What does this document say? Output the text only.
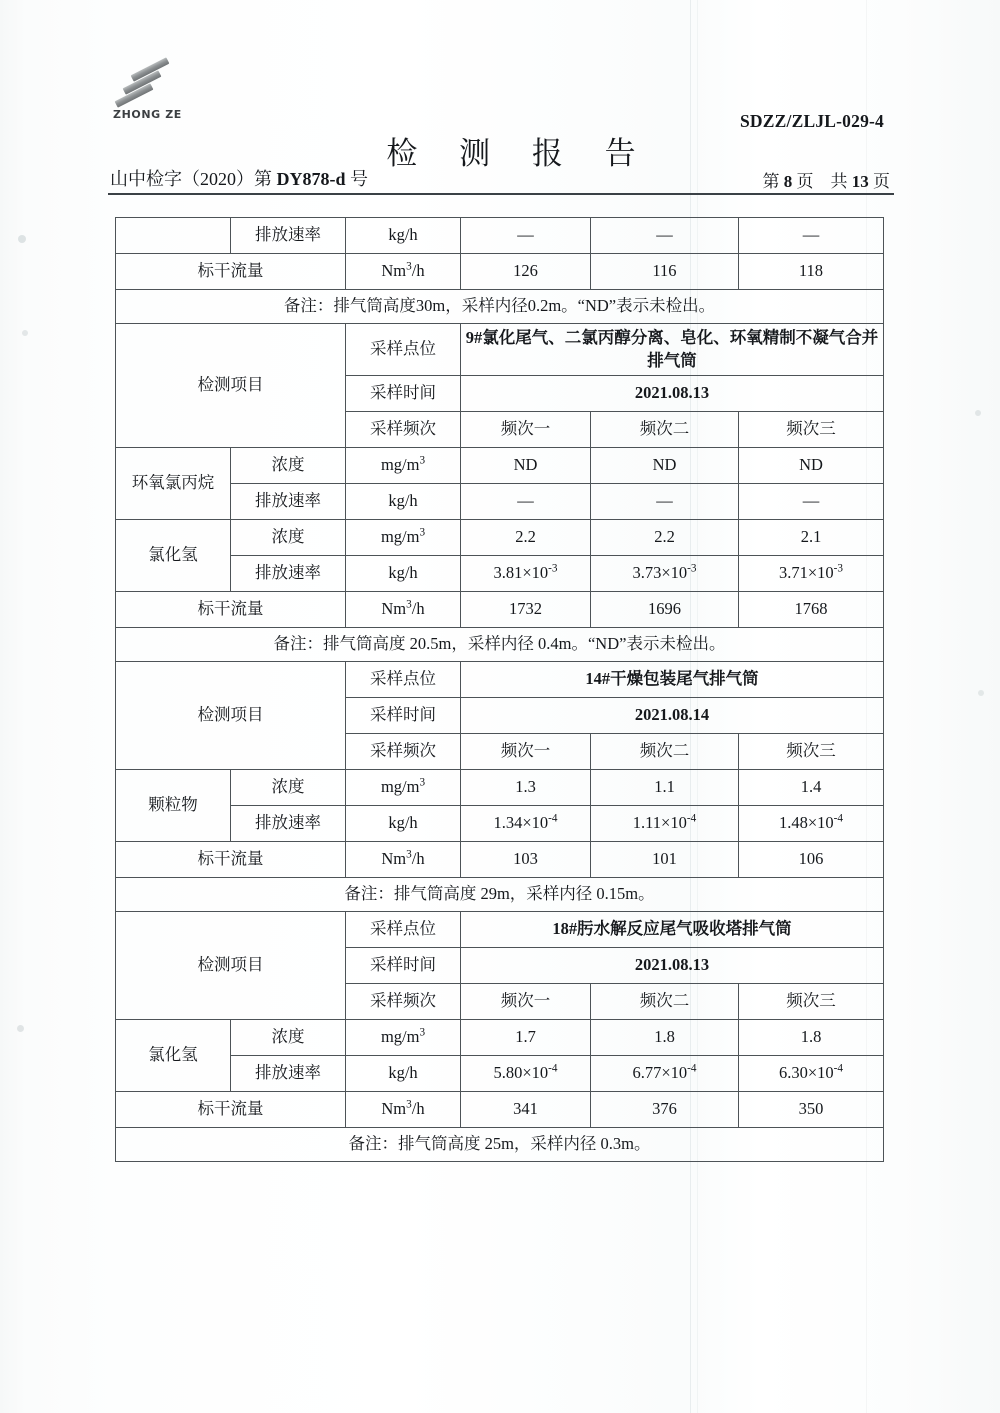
ZHONG ZE	SDZZ/ZLJL-029-4
检 测 报 告
山中检字（2020）第 DY878-d 号	第 8 页　共 13 页
	排放速率	kg/h	—	—	—
标干流量		Nm$^3$/h	126	116	118
备注：排气筒高度30m，采样内径0.2m。“ND”表示未检出。					
检测项目		采样点位	9#氯化尾气、二氯丙醇分离、皂化、环氧精制不凝气合并排气筒		
		采样时间	2021.08.13		
		采样频次	频次一	频次二	频次三
环氧氯丙烷	浓度	$mg/m^3$	ND	ND	ND
	排放速率	kg/h	—	—	—
氯化氢	浓度	$mg/m^3$	2.2	2.2	2.1
	排放速率	kg/h	$3.81\times 10^{-3}$	$3.73\times 10^{-3}$	$3.71\times 10^{-3}$
标干流量		Nm$^3$/h	1732	1696	1768
备注：排气筒高度 20.5m，采样内径 0.4m。“ND”表示未检出。					
检测项目		采样点位	14#干燥包装尾气排气筒		
		采样时间	2021.08.14		
		采样频次	频次一	频次二	频次三
颗粒物	浓度	$mg/m^3$	1.3	1.1	1.4
	排放速率	kg/h	$1.34\times 10^{-4}$	$1.11\times 10^{-4}$	$1.48\times 10^{-4}$
标干流量		Nm$^3$/h	103	101	106
备注：排气筒高度 29m，采样内径 0.15m。					
检测项目		采样点位	18#肟水解反应尾气吸收塔排气筒		
		采样时间	2021.08.13		
		采样频次	频次一	频次二	频次三
氯化氢	浓度	$mg/m^3$	1.7	1.8	1.8
	排放速率	kg/h	$5.80\times 10^{-4}$	$6.77\times 10^{-4}$	$6.30\times 10^{-4}$
标干流量		Nm$^3$/h	341	376	350
备注：排气筒高度 25m，采样内径 0.3m。					
